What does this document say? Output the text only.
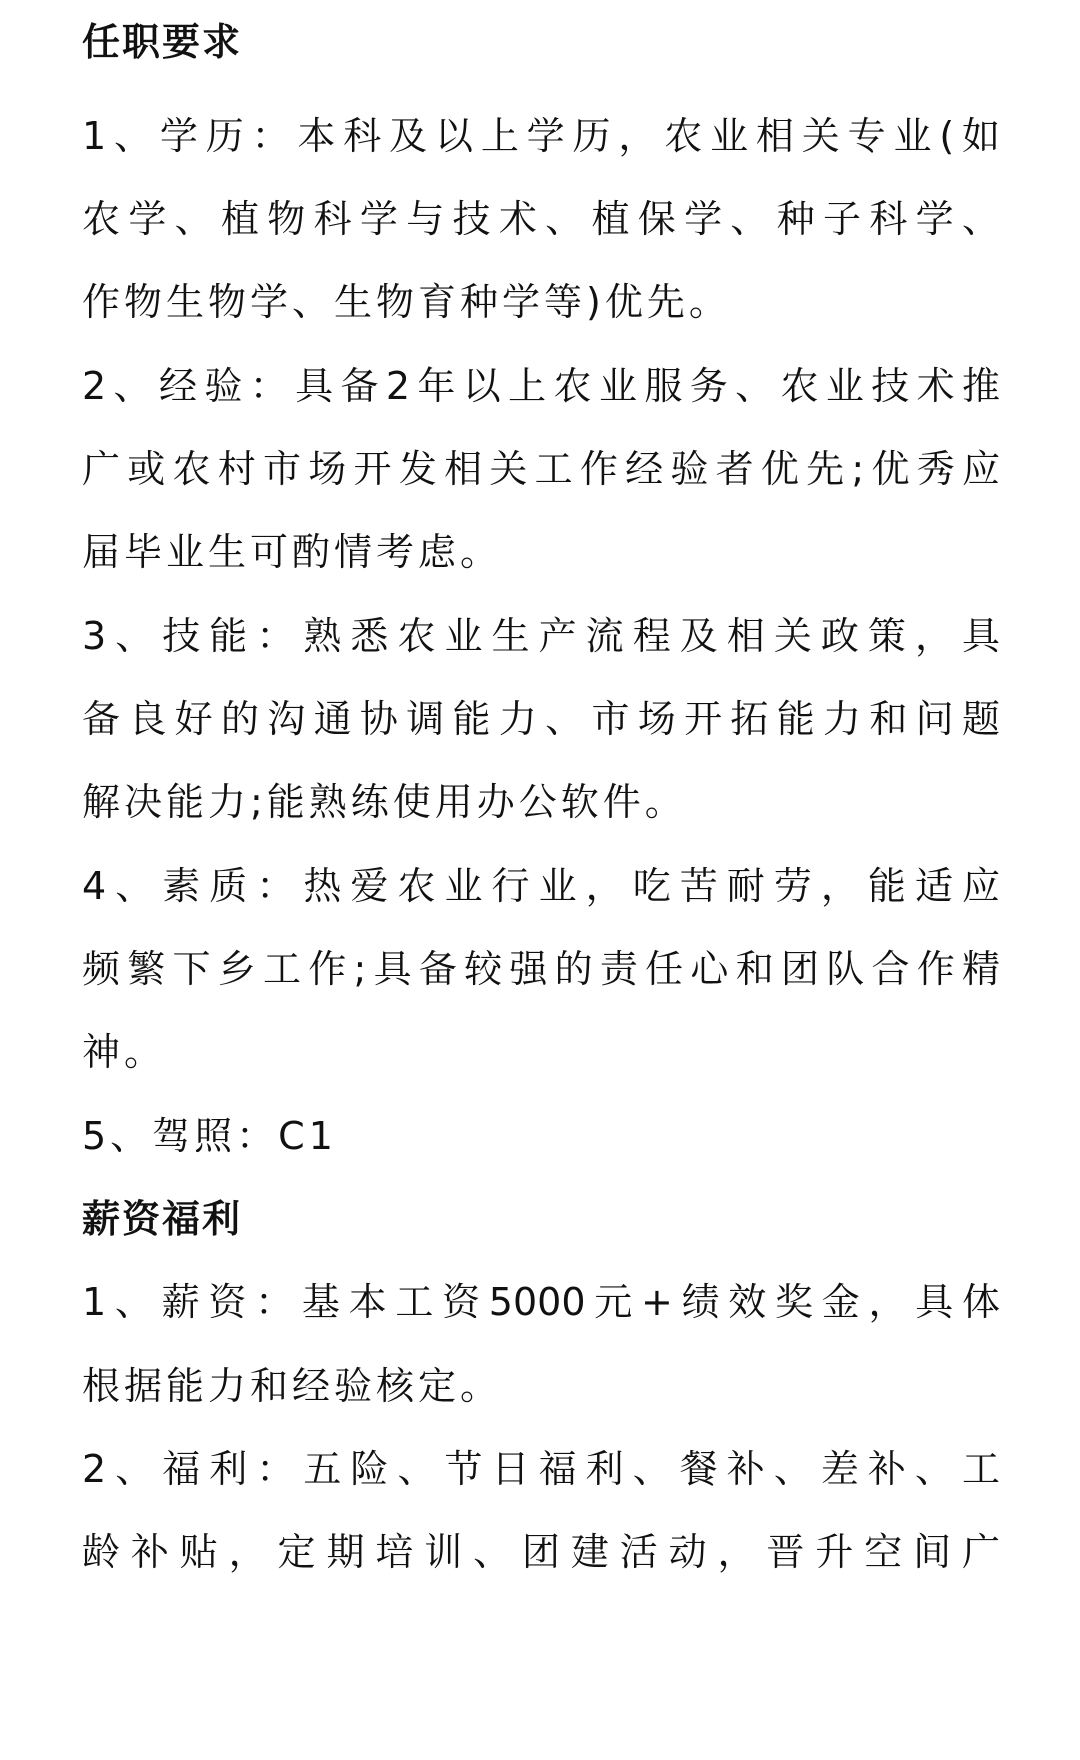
任职要求
1、学历：本科及以上学历，农业相关专业(如
农学、植物科学与技术、植保学、种子科学、
作物生物学、生物育种学等)优先。
2、经验：具备2年以上农业服务、农业技术推
广或农村市场开发相关工作经验者优先;优秀应
届毕业生可酌情考虑。
3、技能：熟悉农业生产流程及相关政策，具
备良好的沟通协调能力、市场开拓能力和问题
解决能力;能熟练使用办公软件。
4、素质：热爱农业行业，吃苦耐劳，能适应
频繁下乡工作;具备较强的责任心和团队合作精
神。
5、驾照：C1
薪资福利
1、薪资：基本工资5000元+绩效奖金，具体
根据能力和经验核定。
2、福利：五险、节日福利、餐补、差补、工
龄补贴，定期培训、团建活动，晋升空间广
